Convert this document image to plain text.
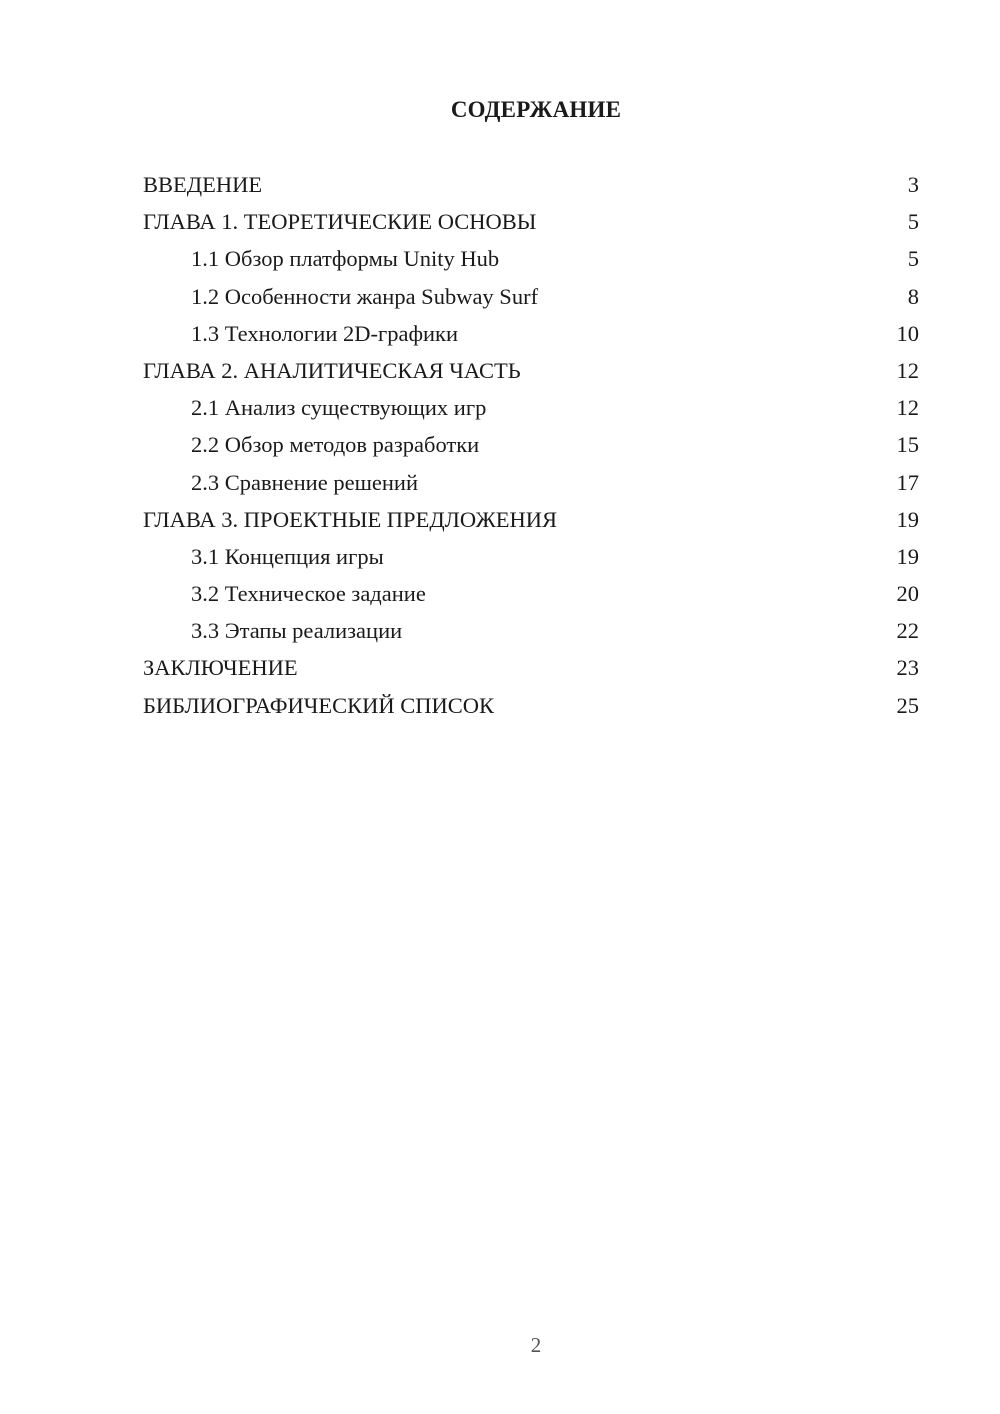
СОДЕРЖАНИЕ
ВВЕДЕНИЕ	3
ГЛАВА 1. ТЕОРЕТИЧЕСКИЕ ОСНОВЫ	5
1.1 Обзор платформы Unity Hub	5
1.2 Особенности жанра Subway Surf	8
1.3 Технологии 2D-графики	10
ГЛАВА 2. АНАЛИТИЧЕСКАЯ ЧАСТЬ	12
2.1 Анализ существующих игр	12
2.2 Обзор методов разработки	15
2.3 Сравнение решений	17
ГЛАВА 3. ПРОЕКТНЫЕ ПРЕДЛОЖЕНИЯ	19
3.1 Концепция игры	19
3.2 Техническое задание	20
3.3 Этапы реализации	22
ЗАКЛЮЧЕНИЕ	23
БИБЛИОГРАФИЧЕСКИЙ СПИСОК	25
2
